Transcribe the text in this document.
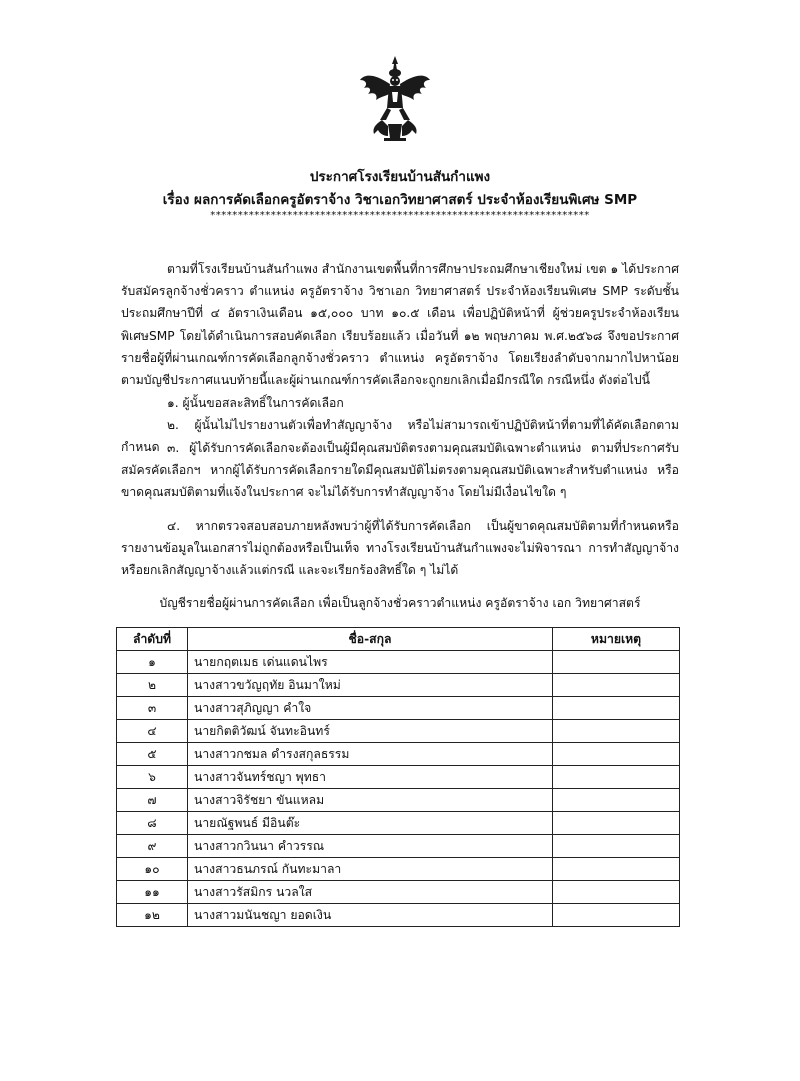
ประกาศโรงเรียนบ้านสันกำแพง
เรื่อง ผลการคัดเลือกครูอัตราจ้าง วิชาเอกวิทยาศาสตร์ ประจำห้องเรียนพิเศษ SMP
*********************************************************************

ตามที่โรงเรียนบ้านสันกำแพง สำนักงานเขตพื้นที่การศึกษาประถมศึกษาเชียงใหม่ เขต ๑ ได้ประกาศรับสมัครลูกจ้างชั่วคราว ตำแหน่ง ครูอัตราจ้าง วิชาเอก วิทยาศาสตร์ ประจำห้องเรียนพิเศษ SMP ระดับชั้นประถมศึกษาปีที่ ๔ อัตราเงินเดือน ๑๕,๐๐๐ บาท ๑๐.๕ เดือน เพื่อปฏิบัติหน้าที่ ผู้ช่วยครูประจำห้องเรียนพิเศษSMP โดยได้ดำเนินการสอบคัดเลือก เรียบร้อยแล้ว เมื่อวันที่ ๑๒ พฤษภาคม พ.ศ.๒๕๖๘ จึงขอประกาศรายชื่อผู้ที่ผ่านเกณฑ์การคัดเลือกลูกจ้างชั่วคราว ตำแหน่ง ครูอัตราจ้าง โดยเรียงลำดับจากมากไปหาน้อยตามบัญชีประกาศแนบท้ายนี้และผู้ผ่านเกณฑ์การคัดเลือกจะถูกยกเลิกเมื่อมีกรณีใด กรณีหนึ่ง ดังต่อไปนี้

๑. ผู้นั้นขอสละสิทธิ์ในการคัดเลือก

๒. ผู้นั้นไม่ไปรายงานตัวเพื่อทำสัญญาจ้าง หรือไม่สามารถเข้าปฏิบัติหน้าที่ตามที่ได้คัดเลือกตามกำหนด ๓. ผู้ได้รับการคัดเลือกจะต้องเป็นผู้มีคุณสมบัติตรงตามคุณสมบัติเฉพาะตำแหน่ง ตามที่ประกาศรับสมัครคัดเลือกฯ หากผู้ได้รับการคัดเลือกรายใดมีคุณสมบัติไม่ตรงตามคุณสมบัติเฉพาะสำหรับตำแหน่ง หรือขาดคุณสมบัติตามที่แจ้งในประกาศ จะไม่ได้รับการทำสัญญาจ้าง โดยไม่มีเงื่อนไขใด ๆ

๔. หากตรวจสอบสอบภายหลังพบว่าผู้ที่ได้รับการคัดเลือก เป็นผู้ขาดคุณสมบัติตามที่กำหนดหรือรายงานข้อมูลในเอกสารไม่ถูกต้องหรือเป็นเท็จ ทางโรงเรียนบ้านสันกำแพงจะไม่พิจารณา การทำสัญญาจ้าง หรือยกเลิกสัญญาจ้างแล้วแต่กรณี และจะเรียกร้องสิทธิ์ใด ๆ ไม่ได้

บัญชีรายชื่อผู้ผ่านการคัดเลือก เพื่อเป็นลูกจ้างชั่วคราวตำแหน่ง ครูอัตราจ้าง เอก วิทยาศาสตร์
ลำดับที่	ชื่อ-สกุล	หมายเหตุ
๑	นายกฤตเมธ เด่นแดนไพร	
๒	นางสาวขวัญฤทัย อินมาใหม่	
๓	นางสาวสุภิญญา คำใจ	
๔	นายกิตติวัฒน์ จันทะอินทร์	
๕	นางสาวกชมล ดำรงสกุลธรรม	
๖	นางสาวจันทร์ชญา พุทธา	
๗	นางสาวจิรัชยา ขันแหลม	
๘	นายณัฐพนธ์ มีอินต๊ะ	
๙	นางสาวกวินนา คำวรรณ	
๑๐	นางสาวธนภรณ์ กันทะมาลา	
๑๑	นางสาวรัสมิกร นวลใส	
๑๒	นางสาวมนันชญา ยอดเงิน	
